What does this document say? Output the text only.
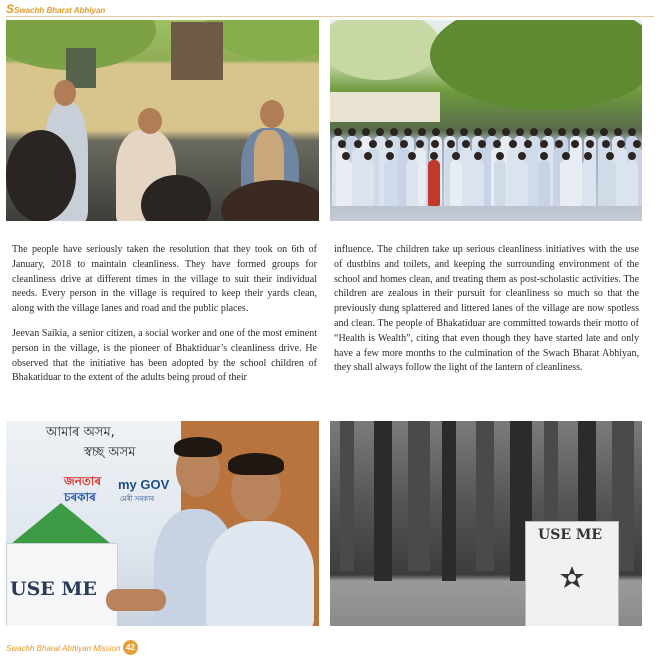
SSwachh Bharat Abhiyan

The people have seriously taken the resolution that they took on 6th of January, 2018 to maintain cleanliness. They have formed groups for cleanliness drive at different times in the village to suit their individual needs. Every person in the village is required to keep their yards clean, along with the village lanes and road and the public places.

Jeevan Saikia, a senior citizen, a social worker and one of the most eminent person in the village, is the pioneer of Bhaktiduar’s cleanliness drive. He observed that the initiative has been adopted by the school children of Bhakatiduar to the extent of the adults being proud of their

influence. The children take up serious cleanliness initiatives with the use of dustbins and toilets, and keeping the surrounding environment of the school and homes clean, and treating them as post-scholastic activities. The children are zealous in their pursuit for cleanliness so much so that the previously dung splattered and littered lanes of the village are now spotless and clean. The people of Bhakatiduar are committed towards their motto of “Health is Wealth”, citing that even though they have started late and only have a few more months to the culmination of the Swach Bharat Abhiyan, they shall always follow the light of the lantern of cleanliness.

আমাৰ অসম,
স্বচ্ছ অসম
জনতাৰ
চৰকাৰ
my GOV
মেৰী সৰকাৰ
USE ME
USE ME
Swachh Bharat Abhiyan Mission 42
